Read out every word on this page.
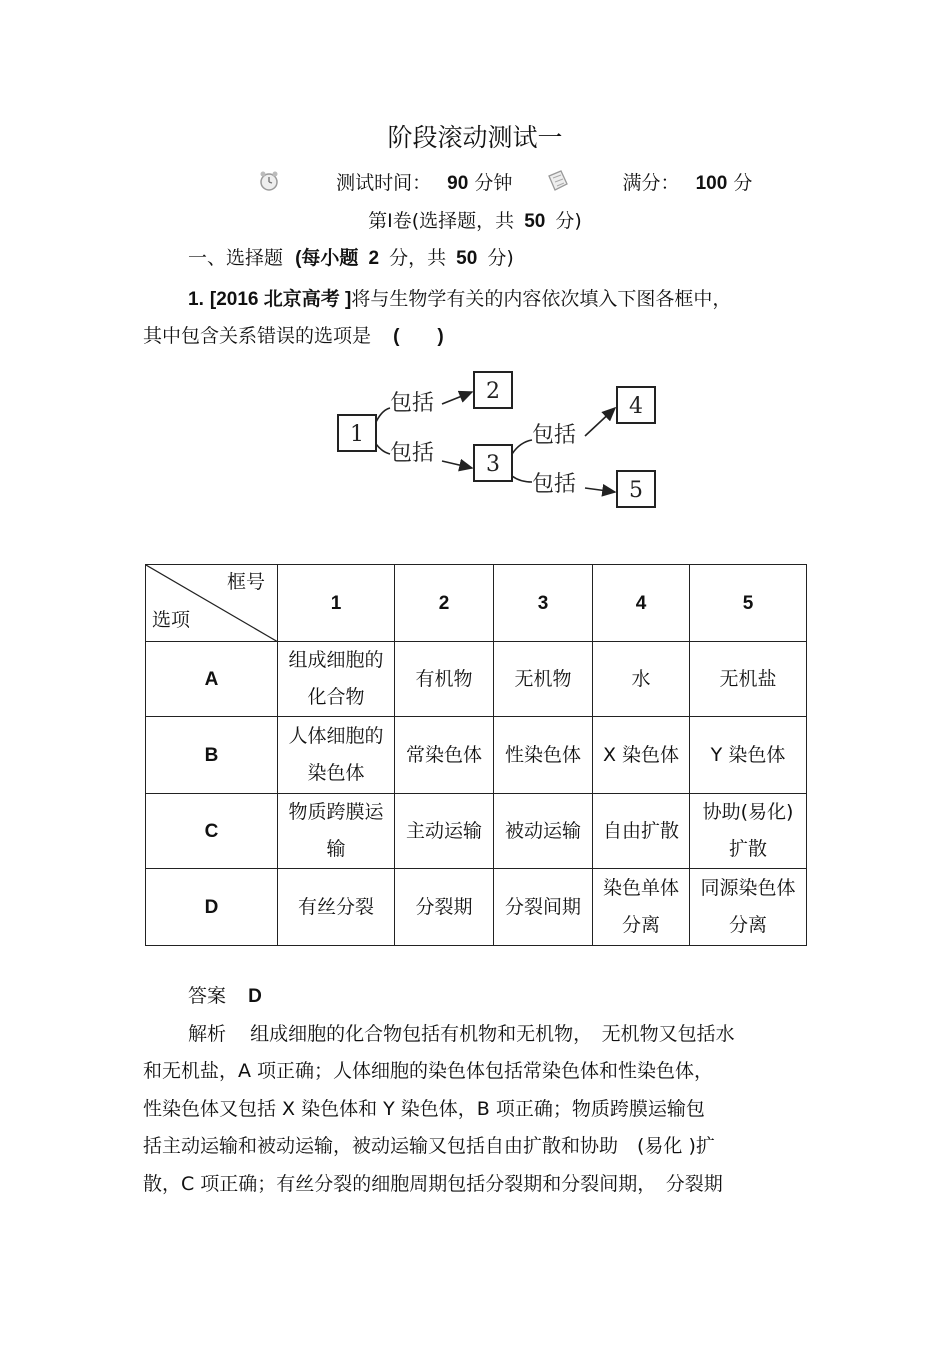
阶段滚动测试一
测试时间： 90 分钟	满分： 100 分
第Ⅰ卷(选择题，共 50 分)
一、选择题 (每小题 2 分，共 50 分)
1. [2016 北京高考 ]将与生物学有关的内容依次填入下图各框中，
其中包含关系错误的选项是 (　　)
1
2
3
4
5
包括
包括
包括
包括
框号
选项	1	2	3	4	5
A	组成细胞的化合物	有机物	无机物	水	无机盐
B	人体细胞的染色体	常染色体	性染色体	X 染色体	Y 染色体
C	物质跨膜运输	主动运输	被动运输	自由扩散	协助(易化)扩散
D	有丝分裂	分裂期	分裂间期	染色单体分离	同源染色体分离
答案 D
解析 组成细胞的化合物包括有机物和无机物，　无机物又包括水
和无机盐，A 项正确；人体细胞的染色体包括常染色体和性染色体，
性染色体又包括 X 染色体和 Y 染色体，B 项正确；物质跨膜运输包
括主动运输和被动运输，被动运输又包括自由扩散和协助　(易化 )扩
散，C 项正确；有丝分裂的细胞周期包括分裂期和分裂间期，　分裂期
